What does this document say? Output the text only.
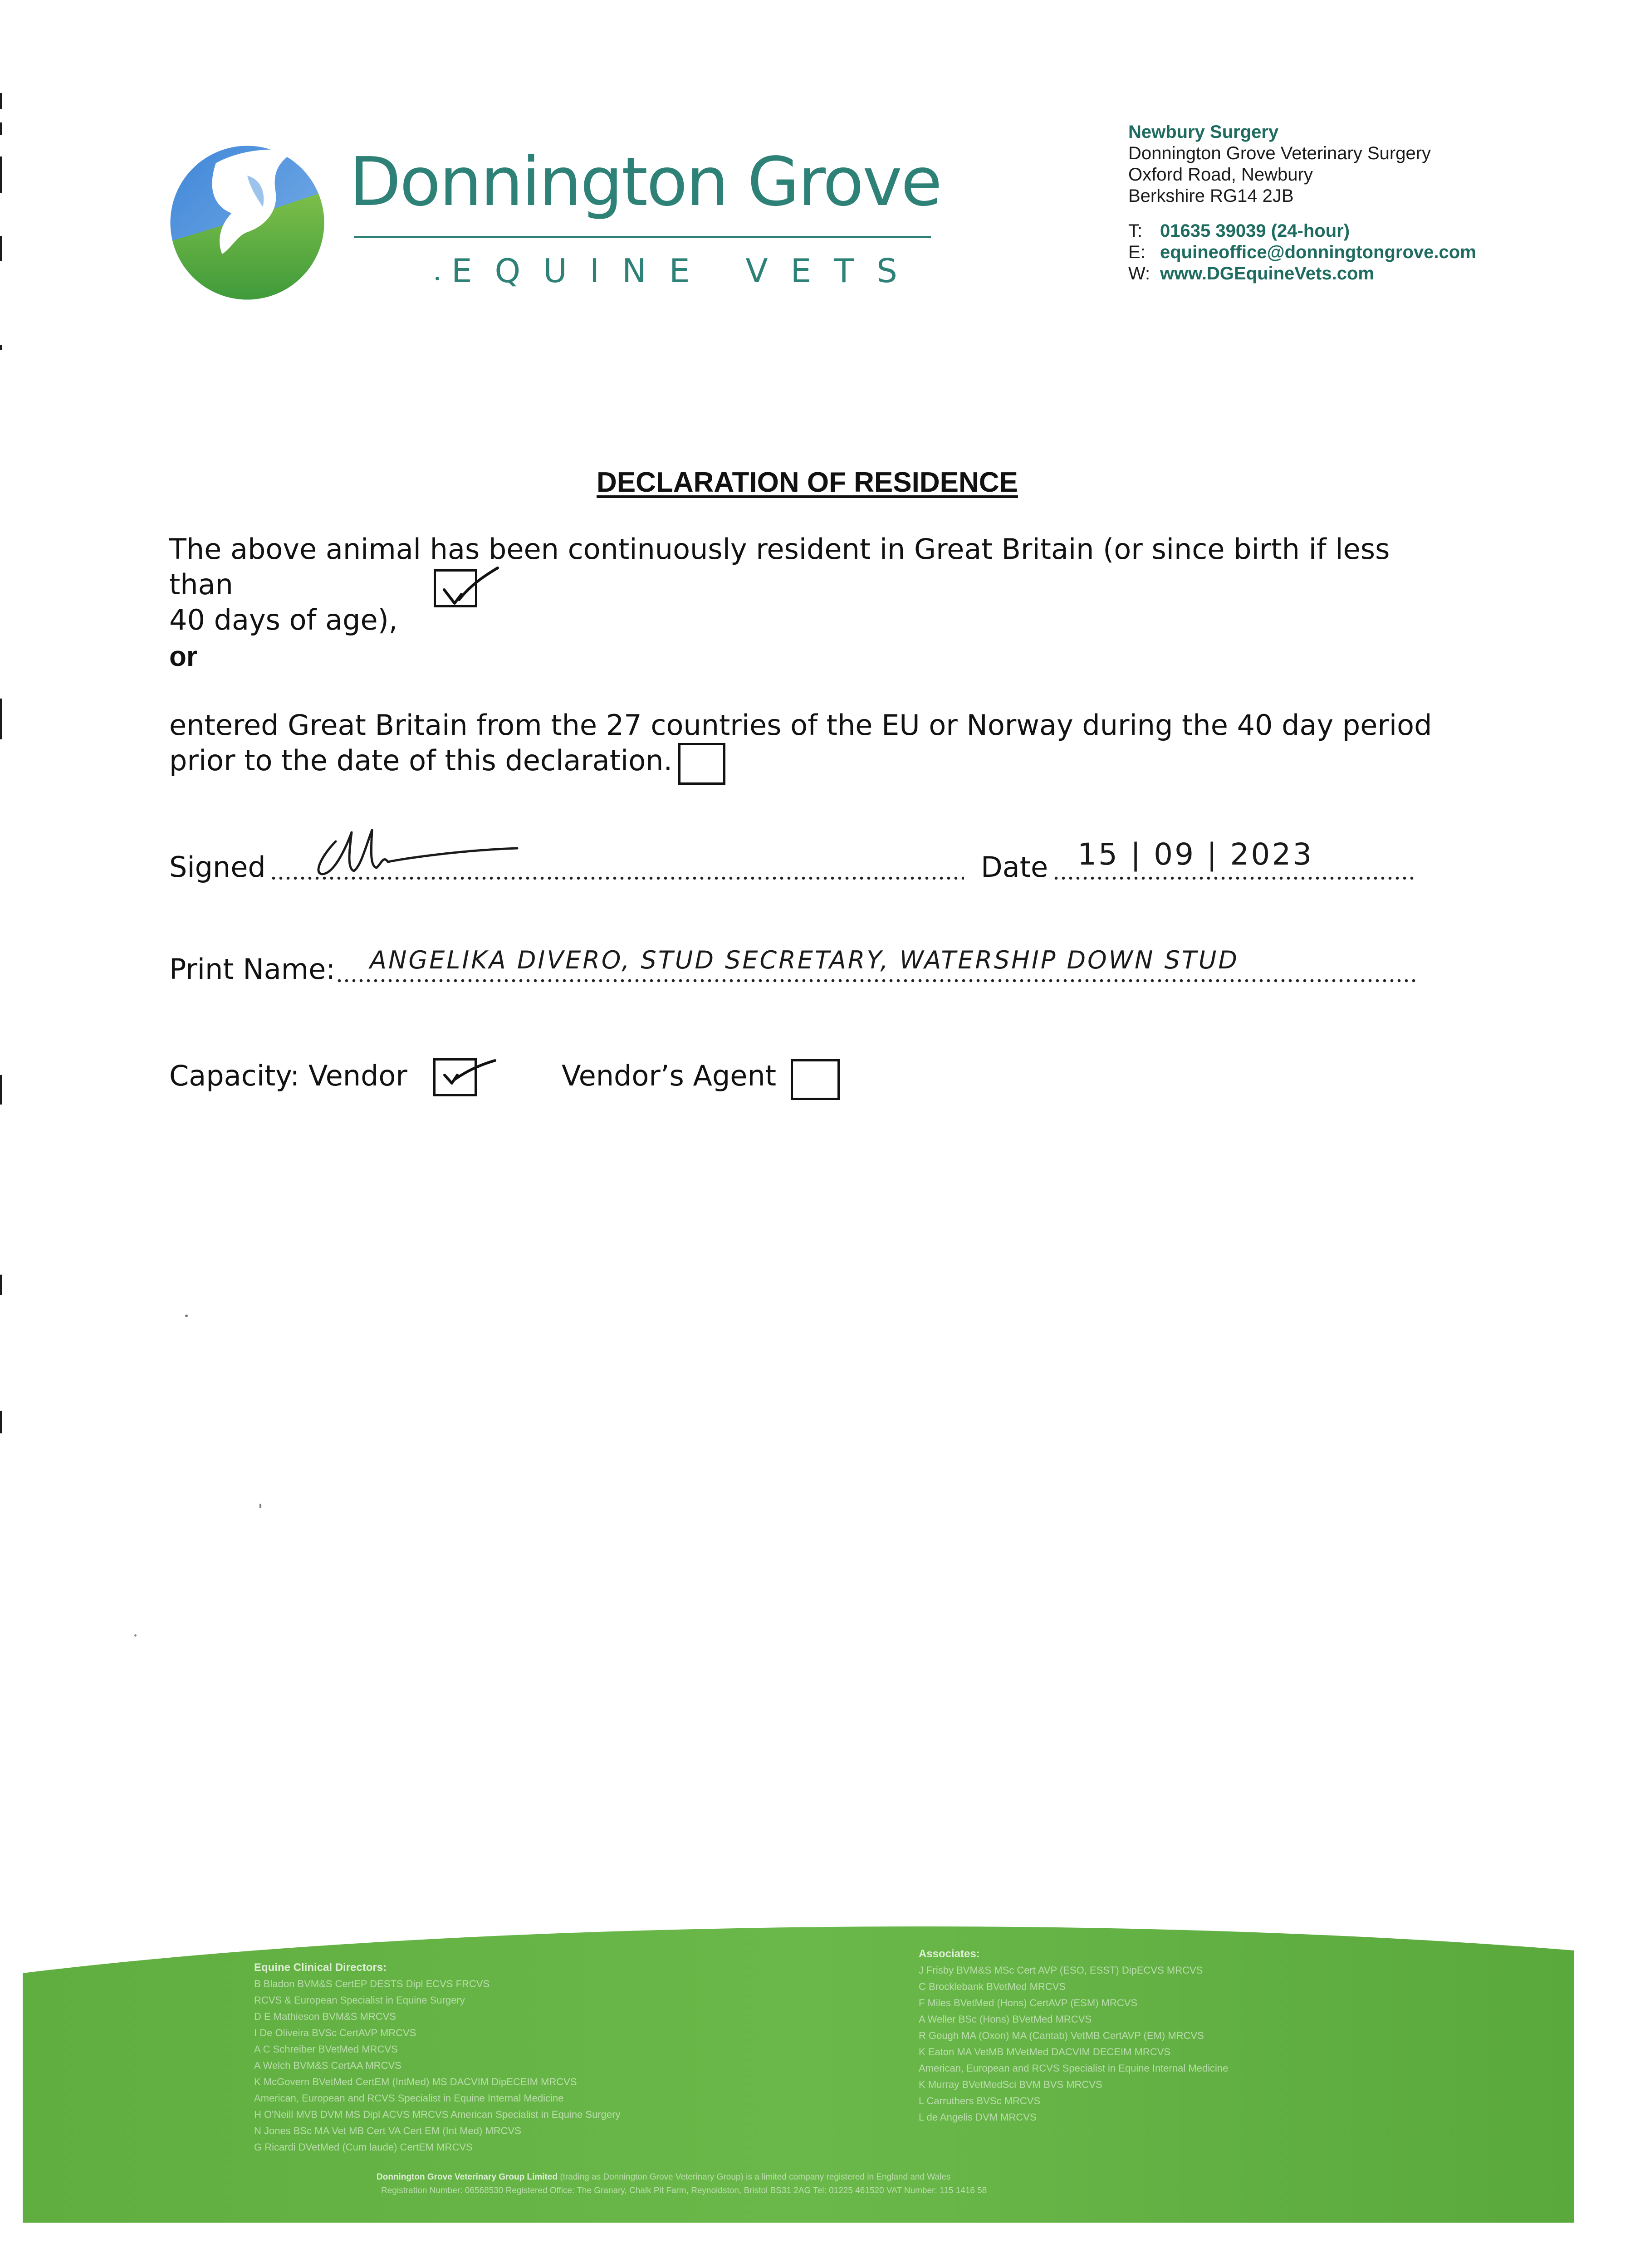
Donnington Grove
EQUINE VETS
Newbury Surgery
Donnington Grove Veterinary Surgery
Oxford Road, Newbury
Berkshire RG14 2JB
T: 01635 39039 (24-hour)
E: equineoffice@donningtongrove.com
W: www.DGEquineVets.com
DECLARATION OF RESIDENCE
The above animal has been continuously resident in Great Britain (or since birth if less than
40 days of age),
or
entered Great Britain from the 27 countries of the EU or Norway during the 40 day period
prior to the date of this declaration.
Signed	Date 15 | 09 | 2023
Print Name: ANGELIKA DIVERO, STUD SECRETARY, WATERSHIP DOWN STUD
Capacity: Vendor	Vendor’s Agent
Equine Clinical Directors:
B Bladon BVM&S CertEP DESTS Dipl ECVS FRCVS
RCVS & European Specialist in Equine Surgery
D E Mathieson BVM&S MRCVS
I De Oliveira BVSc CertAVP MRCVS
A C Schreiber BVetMed MRCVS
A Welch BVM&S CertAA MRCVS
K McGovern BVetMed CertEM (IntMed) MS DACVIM DipECEIM MRCVS
American, European and RCVS Specialist in Equine Internal Medicine
H O'Neill MVB DVM MS Dipl ACVS MRCVS American Specialist in Equine Surgery
N Jones BSc MA Vet MB Cert VA Cert EM (Int Med) MRCVS
G Ricardi DVetMed (Cum laude) CertEM MRCVS
Associates:
J Frisby BVM&S MSc Cert AVP (ESO, ESST) DipECVS MRCVS
C Brocklebank BVetMed MRCVS
F Miles BVetMed (Hons) CertAVP (ESM) MRCVS
A Weller BSc (Hons) BVetMed MRCVS
R Gough MA (Oxon) MA (Cantab) VetMB CertAVP (EM) MRCVS
K Eaton MA VetMB MVetMed DACVIM DECEIM MRCVS
American, European and RCVS Specialist in Equine Internal Medicine
K Murray BVetMedSci BVM BVS MRCVS
L Carruthers BVSc MRCVS
L de Angelis DVM MRCVS
Donnington Grove Veterinary Group Limited (trading as Donnington Grove Veterinary Group) is a limited company registered in England and Wales
Registration Number: 06568530 Registered Office: The Granary, Chalk Pit Farm, Reynoldston, Bristol BS31 2AG Tel: 01225 461520 VAT Number: 115 1416 58
